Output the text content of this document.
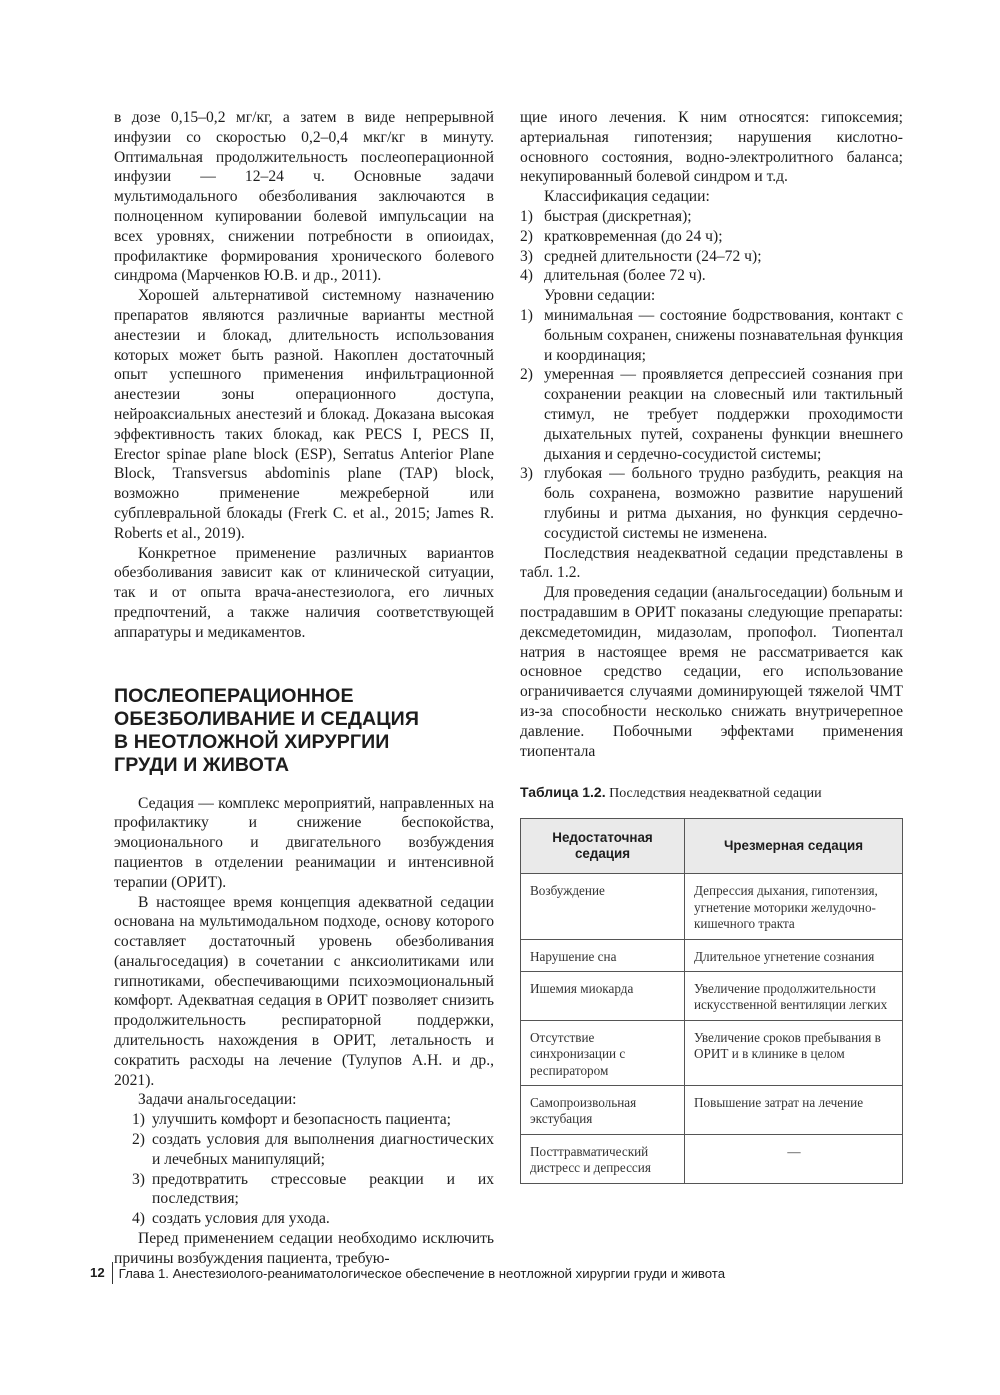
в дозе 0,15–0,2 мг/кг, а затем в виде непрерывной инфузии со скоростью 0,2–0,4 мкг/кг в минуту. Оптимальная продолжительность послеоперационной инфузии — 12–24 ч. Основные задачи мультимодального обезболивания заключаются в полноценном купировании болевой импульсации на всех уровнях, снижении потребности в опиоидах, профилактике формирования хронического болевого синдрома (Марченков Ю.В. и др., 2011).

Хорошей альтернативой системному назначению препаратов являются различные варианты местной анестезии и блокад, длительность использования которых может быть разной. Накоплен достаточный опыт успешного применения инфильтрационной анестезии зоны операционного доступа, нейроаксиальных анестезий и блокад. Доказана высокая эффективность таких блокад, как PECS I, PECS II, Erector spinae plane block (ESP), Serratus Anterior Plane Block, Transversus abdominis plane (TAP) block, возможно применение межреберной или субплевральной блокады (Frerk C. et al., 2015; James R. Roberts et al., 2019).

Конкретное применение различных вариантов обезболивания зависит как от клинической ситуации, так и от опыта врача-анестезиолога, его личных предпочтений, а также наличия соответствующей аппаратуры и медикаментов.

ПОСЛЕОПЕРАЦИОННОЕ
ОБЕЗБОЛИВАНИЕ И СЕДАЦИЯ
В НЕОТЛОЖНОЙ ХИРУРГИИ
ГРУДИ И ЖИВОТА

Седация — комплекс мероприятий, направленных на профилактику и снижение беспокойства, эмоционального и двигательного возбуждения пациентов в отделении реанимации и интенсивной терапии (ОРИТ).

В настоящее время концепция адекватной седации основана на мультимодальном подходе, основу которого составляет достаточный уровень обезболивания (анальгоседация) в сочетании с анксиолитиками или гипнотиками, обеспечивающими психоэмоциональный комфорт. Адекватная седация в ОРИТ позволяет снизить продолжительность респираторной поддержки, длительность нахождения в ОРИТ, летальность и сократить расходы на лечение (Тулупов А.Н. и др., 2021).

Задачи анальгоседации:

1) улучшить комфорт и безопасность пациента;
2) создать условия для выполнения диагностических и лечебных манипуляций;
3) предотвратить стрессовые реакции и их последствия;
4) создать условия для ухода.

Перед применением седации необходимо исключить причины возбуждения пациента, требую-

щие иного лечения. К ним относятся: гипоксемия; артериальная гипотензия; нарушения кислотно-основного состояния, водно-электролитного баланса; некупированный болевой синдром и т.д.

Классификация седации:

1) быстрая (дискретная);
2) кратковременная (до 24 ч);
3) средней длительности (24–72 ч);
4) длительная (более 72 ч).

Уровни седации:

1) минимальная — состояние бодрствования, контакт с больным сохранен, снижены познавательная функция и координация;
2) умеренная — проявляется депрессией сознания при сохранении реакции на словесный или тактильный стимул, не требует поддержки проходимости дыхательных путей, сохранены функции внешнего дыхания и сердечно-сосудистой системы;
3) глубокая — больного трудно разбудить, реакция на боль сохранена, возможно развитие нарушений глубины и ритма дыхания, но функция сердечно-сосудистой системы не изменена.

Последствия неадекватной седации представлены в табл. 1.2.

Для проведения седации (анальгоседации) больным и пострадавшим в ОРИТ показаны следующие препараты: дексмедетомидин, мидазолам, пропофол. Тиопентал натрия в настоящее время не рассматривается как основное средство седации, его использование ограничивается случаями доминирующей тяжелой ЧМТ из-за способности несколько снижать внутричерепное давление. Побочными эффектами применения тиопентала

Таблица 1.2. Последствия неадекватной седации
Недостаточная седация	Чрезмерная седация
Возбуждение	Депрессия дыхания, гипотензия, угнетение моторики желудочно-кишечного тракта
Нарушение сна	Длительное угнетение сознания
Ишемия миокарда	Увеличение продолжительности искусственной вентиляции легких
Отсутствие синхронизации с респиратором	Увеличение сроков пребывания в ОРИТ и в клинике в целом
Самопроизвольная экстубация	Повышение затрат на лечение
Посттравматический дистресс и депрессия	—
12	Глава 1. Анестезиолого-реаниматологическое обеспечение в неотложной хирургии груди и живота
